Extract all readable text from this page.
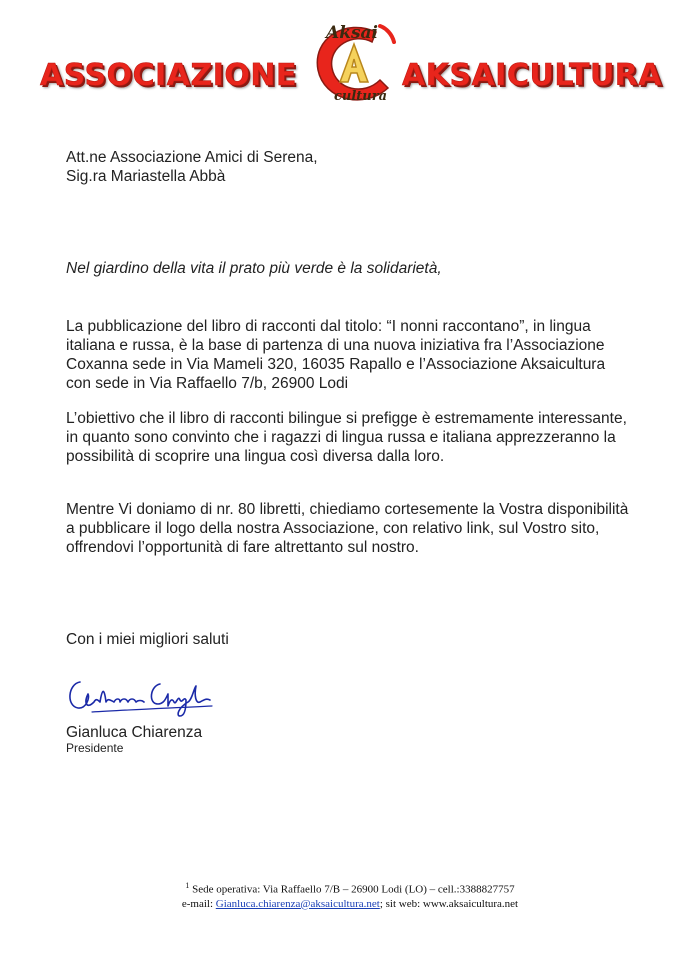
ASSOCIAZIONE
Aksai
cultura
AKSAICULTURA

Att.ne Associazione Amici di Serena,

Sig.ra Mariastella Abbà

Nel giardino della vita il prato più verde è la solidarietà,

La pubblicazione del libro di racconti dal titolo: “I nonni raccontano”, in lingua

italiana e russa, è la base di partenza di una nuova iniziativa fra l’Associazione

Coxanna sede in Via Mameli 320, 16035 Rapallo e l’Associazione Aksaicultura

con sede in Via Raffaello 7/b, 26900 Lodi

L’obiettivo che il libro di racconti bilingue si prefigge è estremamente interessante,

in quanto sono convinto che i ragazzi di lingua russa e italiana apprezzeranno la

possibilità di scoprire una lingua così diversa dalla loro.

Mentre Vi doniamo di nr. 80 libretti, chiediamo cortesemente la Vostra disponibilità

a pubblicare il logo della nostra Associazione, con relativo link, sul Vostro sito,

offrendovi l’opportunità di fare altrettanto sul nostro.

Con i miei migliori saluti

Gianluca Chiarenza
Presidente
$^1$ Sede operativa: Via Raffaello 7/B – 26900 Lodi (LO) – cell.:3388827757
e-mail: Gianluca.chiarenza@aksaicultura.net; sit web: www.aksaicultura.net
